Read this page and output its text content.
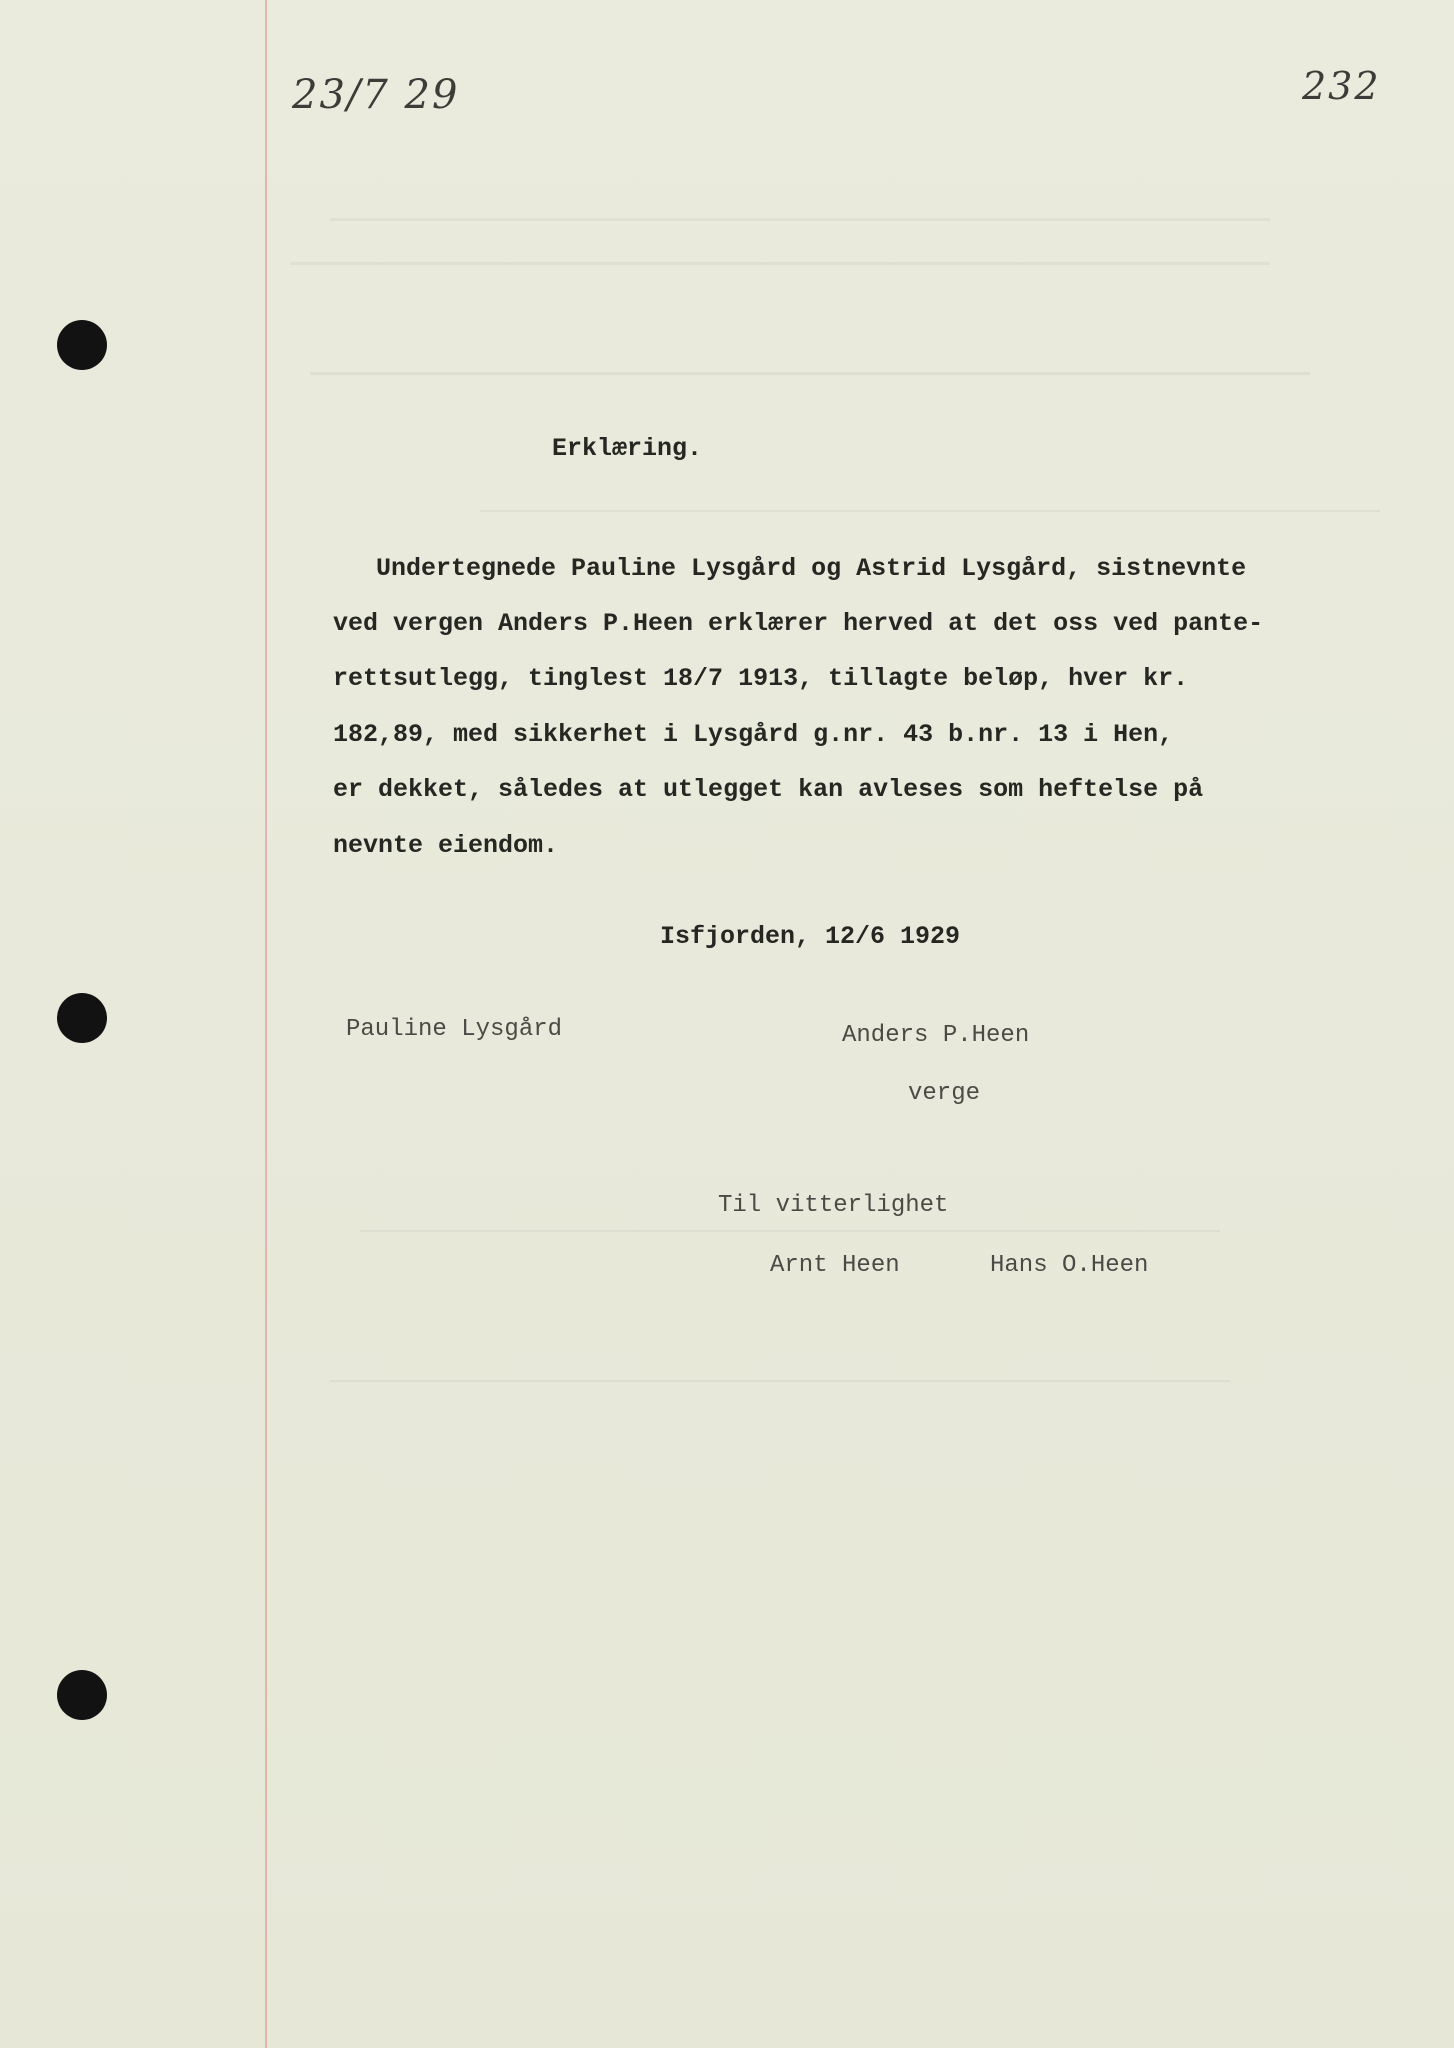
23/7 29	232
Erklæring.
Undertegnede Pauline Lysgård og Astrid Lysgård, sistnevnte
ved vergen Anders P.Heen erklærer herved at det oss ved pante-
rettsutlegg, tinglest 18/7 1913, tillagte beløp, hver kr.
182,89, med sikkerhet i Lysgård g.nr. 43 b.nr. 13 i Hen,
er dekket, således at utlegget kan avleses som heftelse på
nevnte eiendom.
Isfjorden, 12/6 1929
Pauline Lysgård	Anders P.Heen
verge
Til vitterlighet
Arnt Heen	Hans O.Heen
